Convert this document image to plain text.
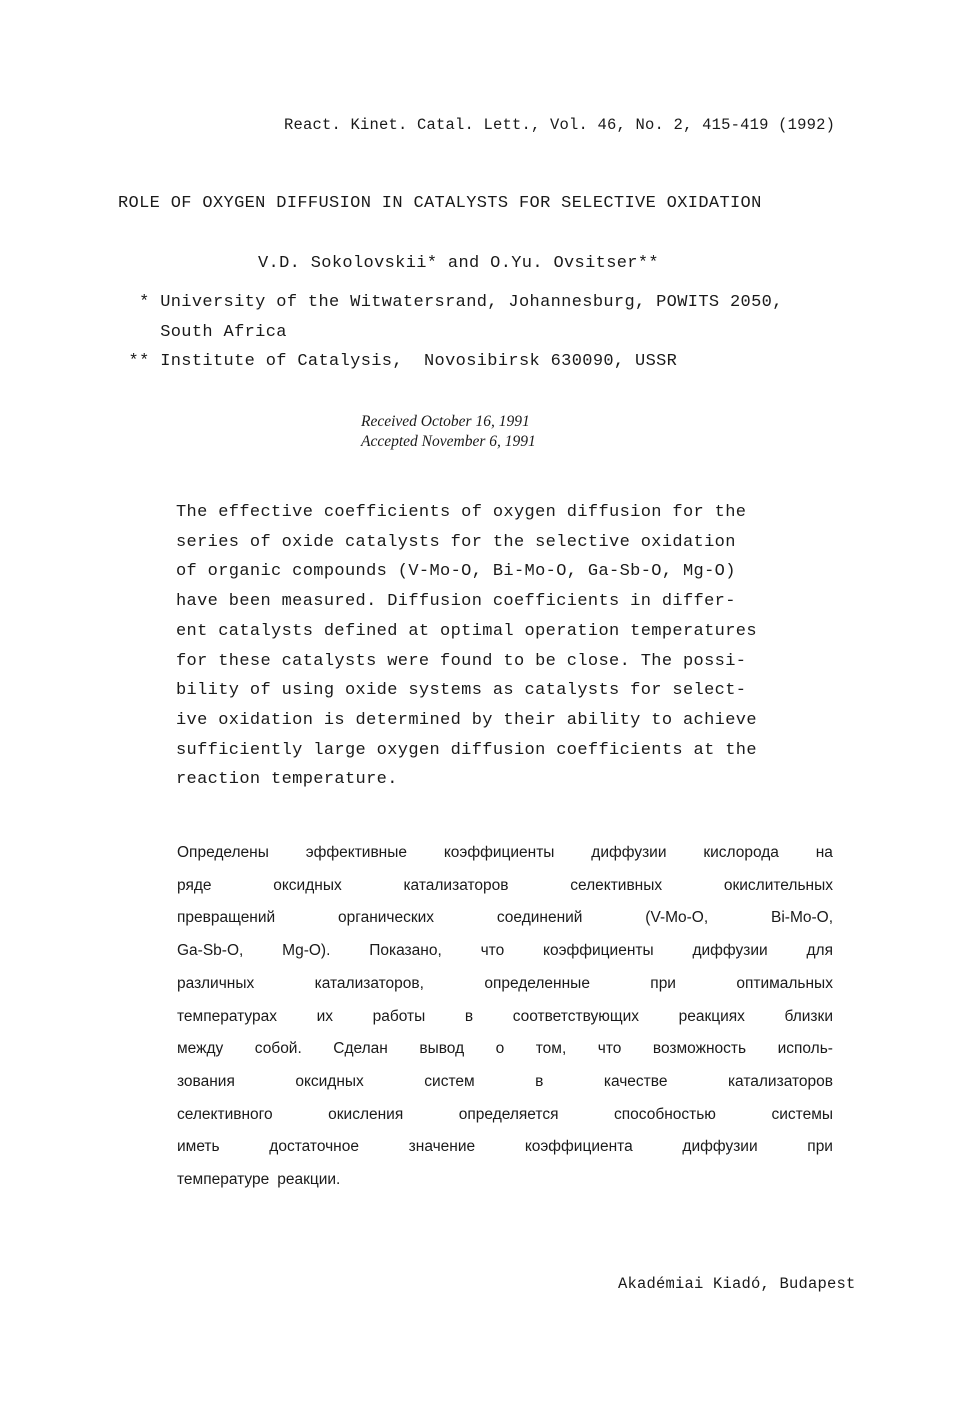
React. Kinet. Catal. Lett., Vol. 46, No. 2, 415-419 (1992)
ROLE OF OXYGEN DIFFUSION IN CATALYSTS FOR SELECTIVE OXIDATION
V.D. Sokolovskii* and O.Yu. Ovsitser**
* University of the Witwatersrand, Johannesburg, POWITS 2050,
South Africa
** Institute of Catalysis,  Novosibirsk 630090, USSR
Received October 16, 1991
Accepted November 6, 1991
The effective coefficients of oxygen diffusion for the
series of oxide catalysts for the selective oxidation
of organic compounds (V-Mo-O, Bi-Mo-O, Ga-Sb-O, Mg-O)
have been measured. Diffusion coefficients in differ-
ent catalysts defined at optimal operation temperatures
for these catalysts were found to be close. The possi-
bility of using oxide systems as catalysts for select-
ive oxidation is determined by their ability to achieve
sufficiently large oxygen diffusion coefficients at the
reaction temperature.
Определены эффективные коэффициенты диффузии кислорода на
ряде	оксидных	катализаторов	селективных	окислительных
превращений	органических	соединений	(V-Mo-O,	Bi-Mo-O,
Ga-Sb-O,	Mg-O).	Показано,	что	коэффициенты	диффузии	для
различных	катализаторов,	определенные	при	оптимальных
температурах	их	работы	в	соответствующих	реакциях	близки
между собой. Сделан вывод о том, что возможность исполь-
зования	оксидных	систем	в	качестве	катализаторов
селективного	окисления	определяется	способностью	системы
иметь	достаточное	значение	коэффициента	диффузии	при
температуре реакции.
Akadémiai Kiadó, Budapest
